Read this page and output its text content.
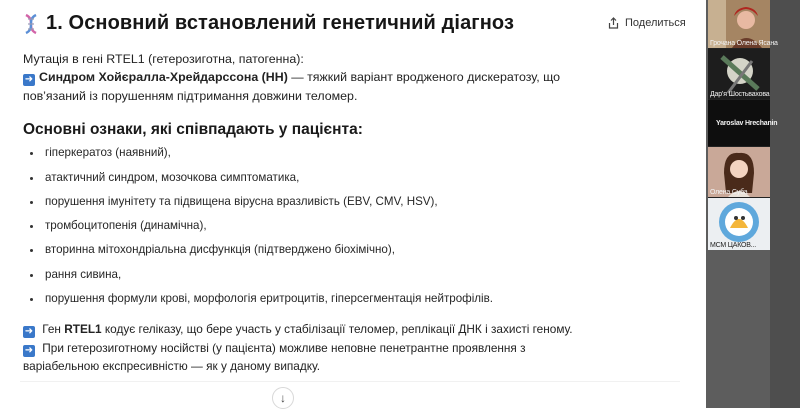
1. Основний встановлений генетичний діагноз	Поделиться
Мутація в гені RTEL1 (гетерозиготна, патогенна):
➜ Синдром Хойєралла-Хрейдарссона (HH) — тяжкий варіант вродженого дискератозу, що
пов’язаний із порушенням підтримання довжини теломер.
Основні ознаки, які співпадають у пацієнта:
гіперкератоз (наявний),
атактичний синдром, мозочкова симптоматика,
порушення імунітету та підвищена вірусна вразливість (EBV, CMV, HSV),
тромбоцитопенія (динамічна),
вторинна мітохондріальна дисфункція (підтверджено біохімічно),
рання сивина,
порушення формули крові, морфологія еритроцитів, гіперсегментація нейтрофілів.
➜ Ген RTEL1 кодує геліказу, що бере участь у стабілізації теломер, реплікації ДНК і захисті геному.
➜ При гетерозиготному носійстві (у пацієнта) можливе неповне пенетрантне проявлення з
варіабельною експресивністю — як у даному випадку.
↓
Грочана Олена Ясана
Дар’я Шостьвахова
Yaroslav Hrechanin
Олена Суба
МСМ ЦАКОВ...
